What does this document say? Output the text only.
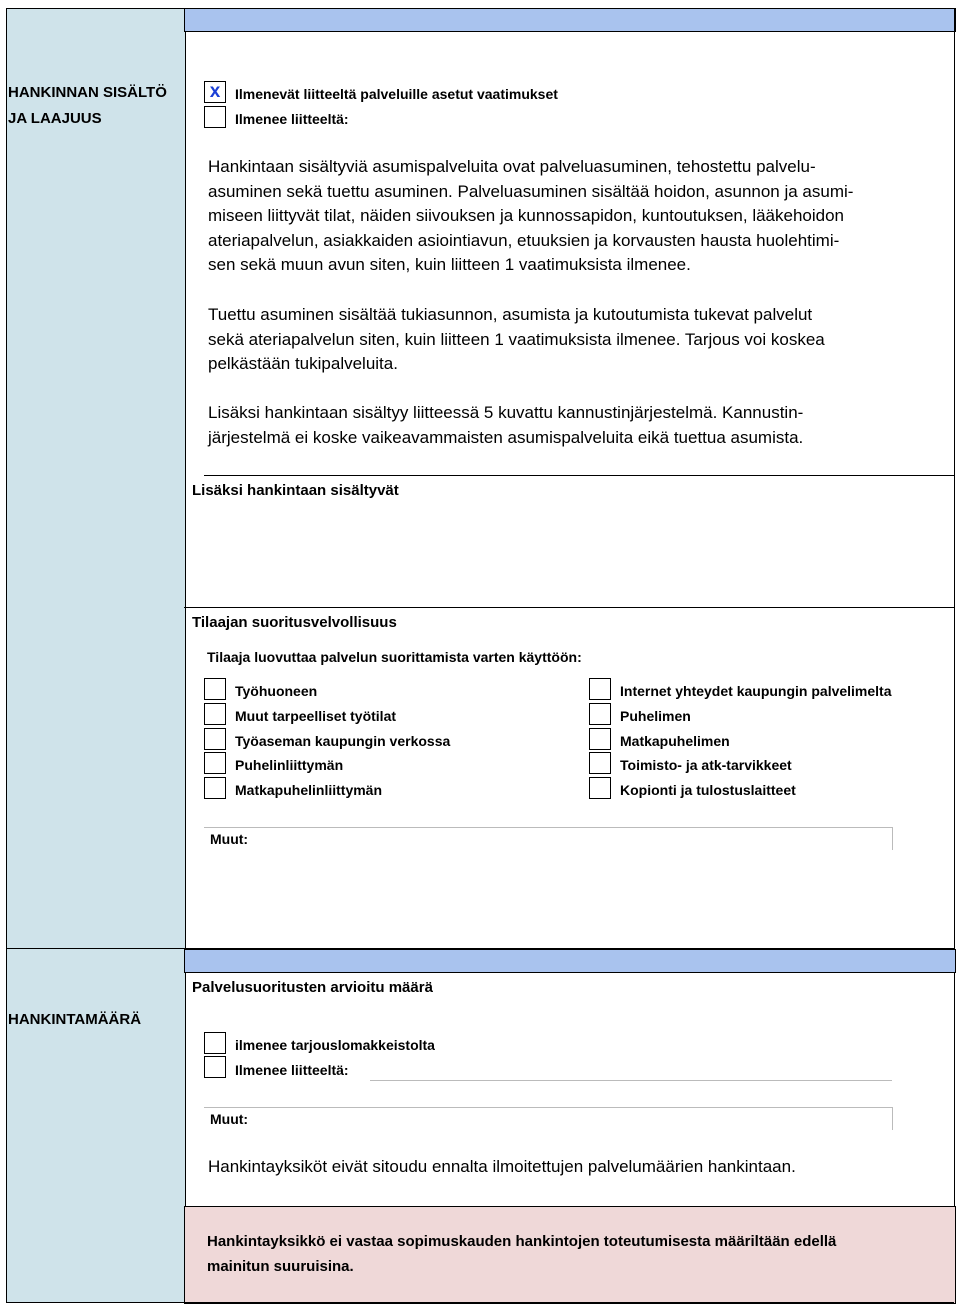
HANKINNAN SISÄLTÖ
JA LAAJUUS
x	Ilmenevät liitteeltä palveluille asetut vaatimukset
Ilmenee liitteeltä:
Hankintaan sisältyviä asumispalveluita ovat palveluasuminen, tehostettu palvelu-
asuminen sekä tuettu asuminen. Palveluasuminen sisältää hoidon, asunnon ja asumi-
miseen liittyvät tilat, näiden siivouksen ja kunnossapidon, kuntoutuksen, lääkehoidon
ateriapalvelun, asiakkaiden asiointiavun, etuuksien ja korvausten hausta huolehtimi-
sen sekä muun avun siten, kuin liitteen 1 vaatimuksista ilmenee.
Tuettu asuminen sisältää tukiasunnon, asumista ja kutoutumista tukevat palvelut
sekä ateriapalvelun siten, kuin liitteen 1 vaatimuksista ilmenee. Tarjous voi koskea
pelkästään tukipalveluita.
Lisäksi hankintaan sisältyy liitteessä 5 kuvattu kannustinjärjestelmä. Kannustin-
järjestelmä ei koske vaikeavammaisten asumispalveluita eikä tuettua asumista.
Lisäksi hankintaan sisältyvät
Tilaajan suoritusvelvollisuus
Tilaaja luovuttaa palvelun suorittamista varten käyttöön:
Työhuoneen
Muut tarpeelliset työtilat
Työaseman kaupungin verkossa
Puhelinliittymän
Matkapuhelinliittymän
Internet yhteydet kaupungin palvelimelta
Puhelimen
Matkapuhelimen
Toimisto- ja atk-tarvikkeet
Kopionti ja tulostuslaitteet
Muut:
HANKINTAMÄÄRÄ
Palvelusuoritusten arvioitu määrä
ilmenee tarjouslomakkeistolta
Ilmenee liitteeltä:
Muut:
Hankintayksiköt eivät sitoudu ennalta ilmoitettujen palvelumäärien hankintaan.
Hankintayksikkö ei vastaa sopimuskauden hankintojen toteutumisesta määriltään edellä
mainitun suuruisina.
